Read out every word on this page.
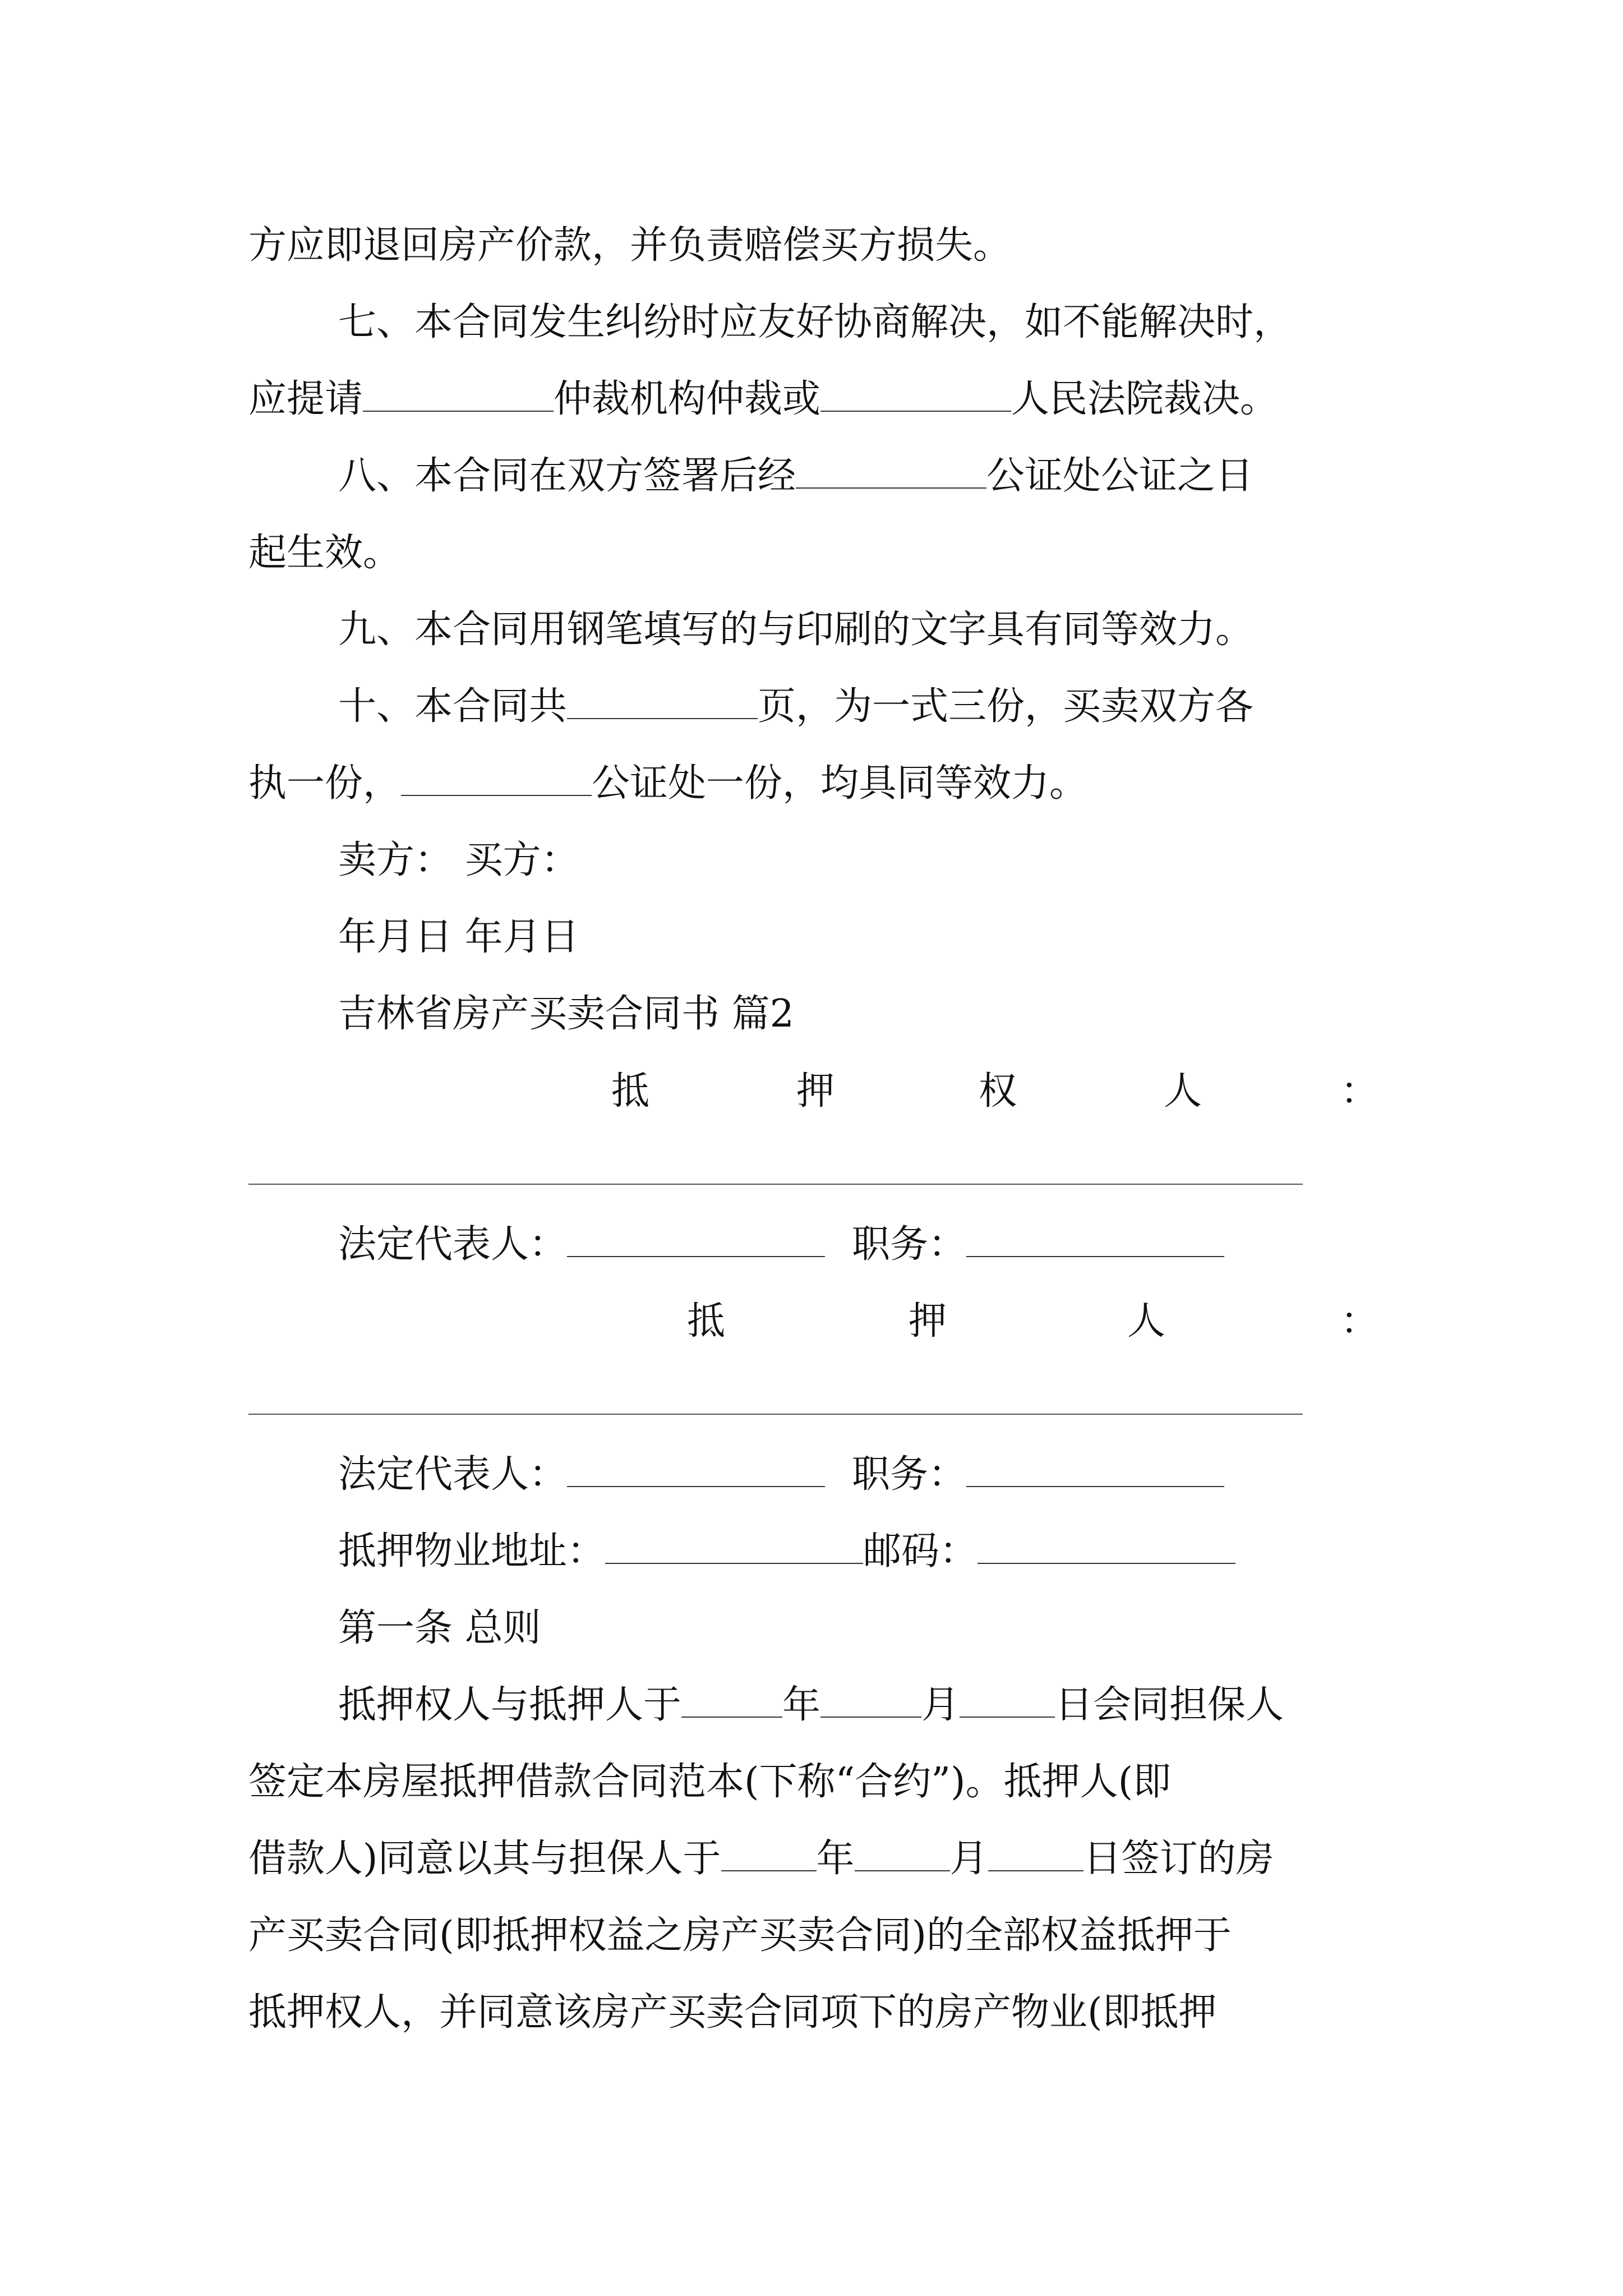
方应即退回房产价款，并负责赔偿买方损失。
七、本合同发生纠纷时应友好协商解决，如不能解决时，
应提请	仲裁机构仲裁或	人民法院裁决。
八、本合同在双方签署后经	公证处公证之日
起生效。
九、本合同用钢笔填写的与印刷的文字具有同等效力。
十、本合同共	页，为一式三份，买卖双方各
执一份，	公证处一份，均具同等效力。
卖方： 买方：
年月日 年月日
吉林省房产买卖合同书 篇2
抵	押	权	人	：
法定代表人：	职务：
抵	押	人	：
法定代表人：	职务：
抵押物业地址：	邮码：
第一条 总则
抵押权人与抵押人于	年	月	日会同担保人
签定本房屋抵押借款合同范本(下称“合约”)。抵押人(即
借款人)同意以其与担保人于	年	月	日签订的房
产买卖合同(即抵押权益之房产买卖合同)的全部权益抵押于
抵押权人，并同意该房产买卖合同项下的房产物业(即抵押
